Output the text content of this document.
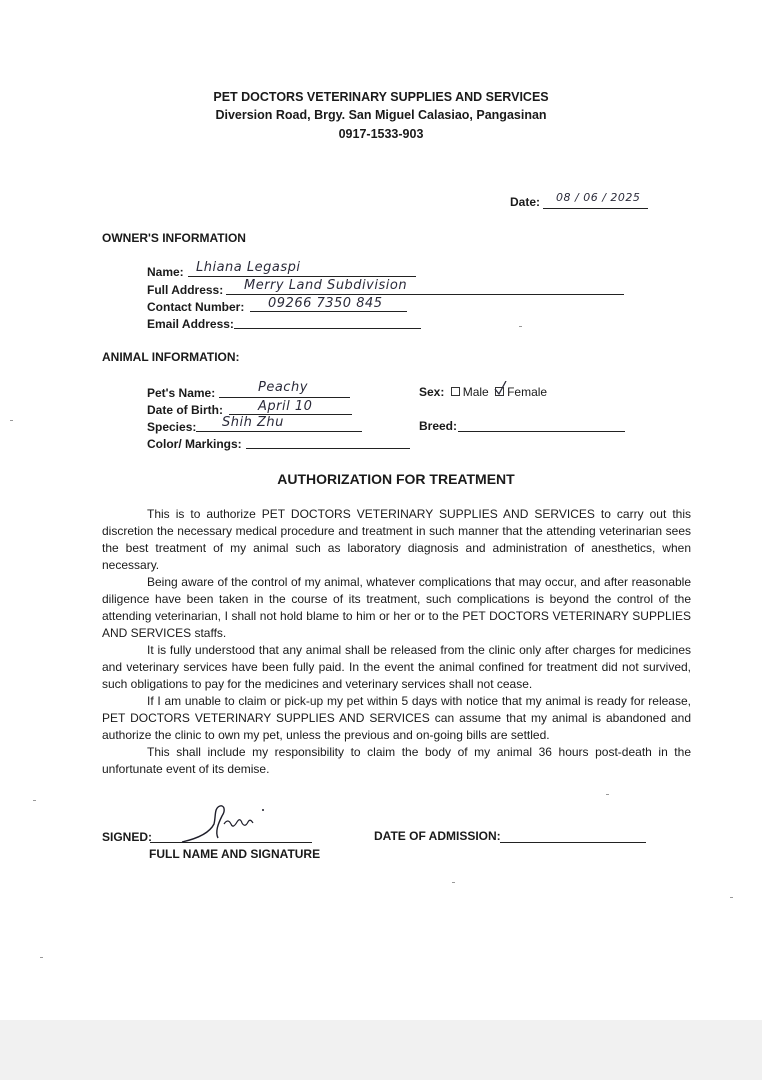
PET DOCTORS VETERINARY SUPPLIES AND SERVICES
Diversion Road, Brgy. San Miguel Calasiao, Pangasinan
0917-1533-903
Date: 08 / 06 / 2025
OWNER'S INFORMATION
Name: Lhiana Legaspi
Full Address: Merry Land Subdivision
Contact Number: 09266 7350 845
Email Address:
ANIMAL INFORMATION:
Pet's Name:	Peachy
Date of Birth:	April 10
Species: Shih Zhu
Color/ Markings:
Sex: Male Female
Breed:
AUTHORIZATION FOR TREATMENT

This is to authorize PET DOCTORS VETERINARY SUPPLIES AND SERVICES to carry out this discretion the necessary medical procedure and treatment in such manner that the attending veterinarian sees the best treatment of my animal such as laboratory diagnosis and administration of anesthetics, when necessary.

Being aware of the control of my animal, whatever complications that may occur, and after reasonable diligence have been taken in the course of its treatment, such complications is beyond the control of the attending veterinarian, I shall not hold blame to him or her or to the PET DOCTORS VETERINARY SUPPLIES AND SERVICES staffs.

It is fully understood that any animal shall be released from the clinic only after charges for medicines and veterinary services have been fully paid. In the event the animal confined for treatment did not survived, such obligations to pay for the medicines and veterinary services shall not cease.

If I am unable to claim or pick-up my pet within 5 days with notice that my animal is ready for release, PET DOCTORS VETERINARY SUPPLIES AND SERVICES can assume that my animal is abandoned and authorize the clinic to own my pet, unless the previous and on-going bills are settled.

This shall include my responsibility to claim the body of my animal 36 hours post-death in the unfortunate event of its demise.

SIGNED:
FULL NAME AND SIGNATURE
DATE OF ADMISSION:
